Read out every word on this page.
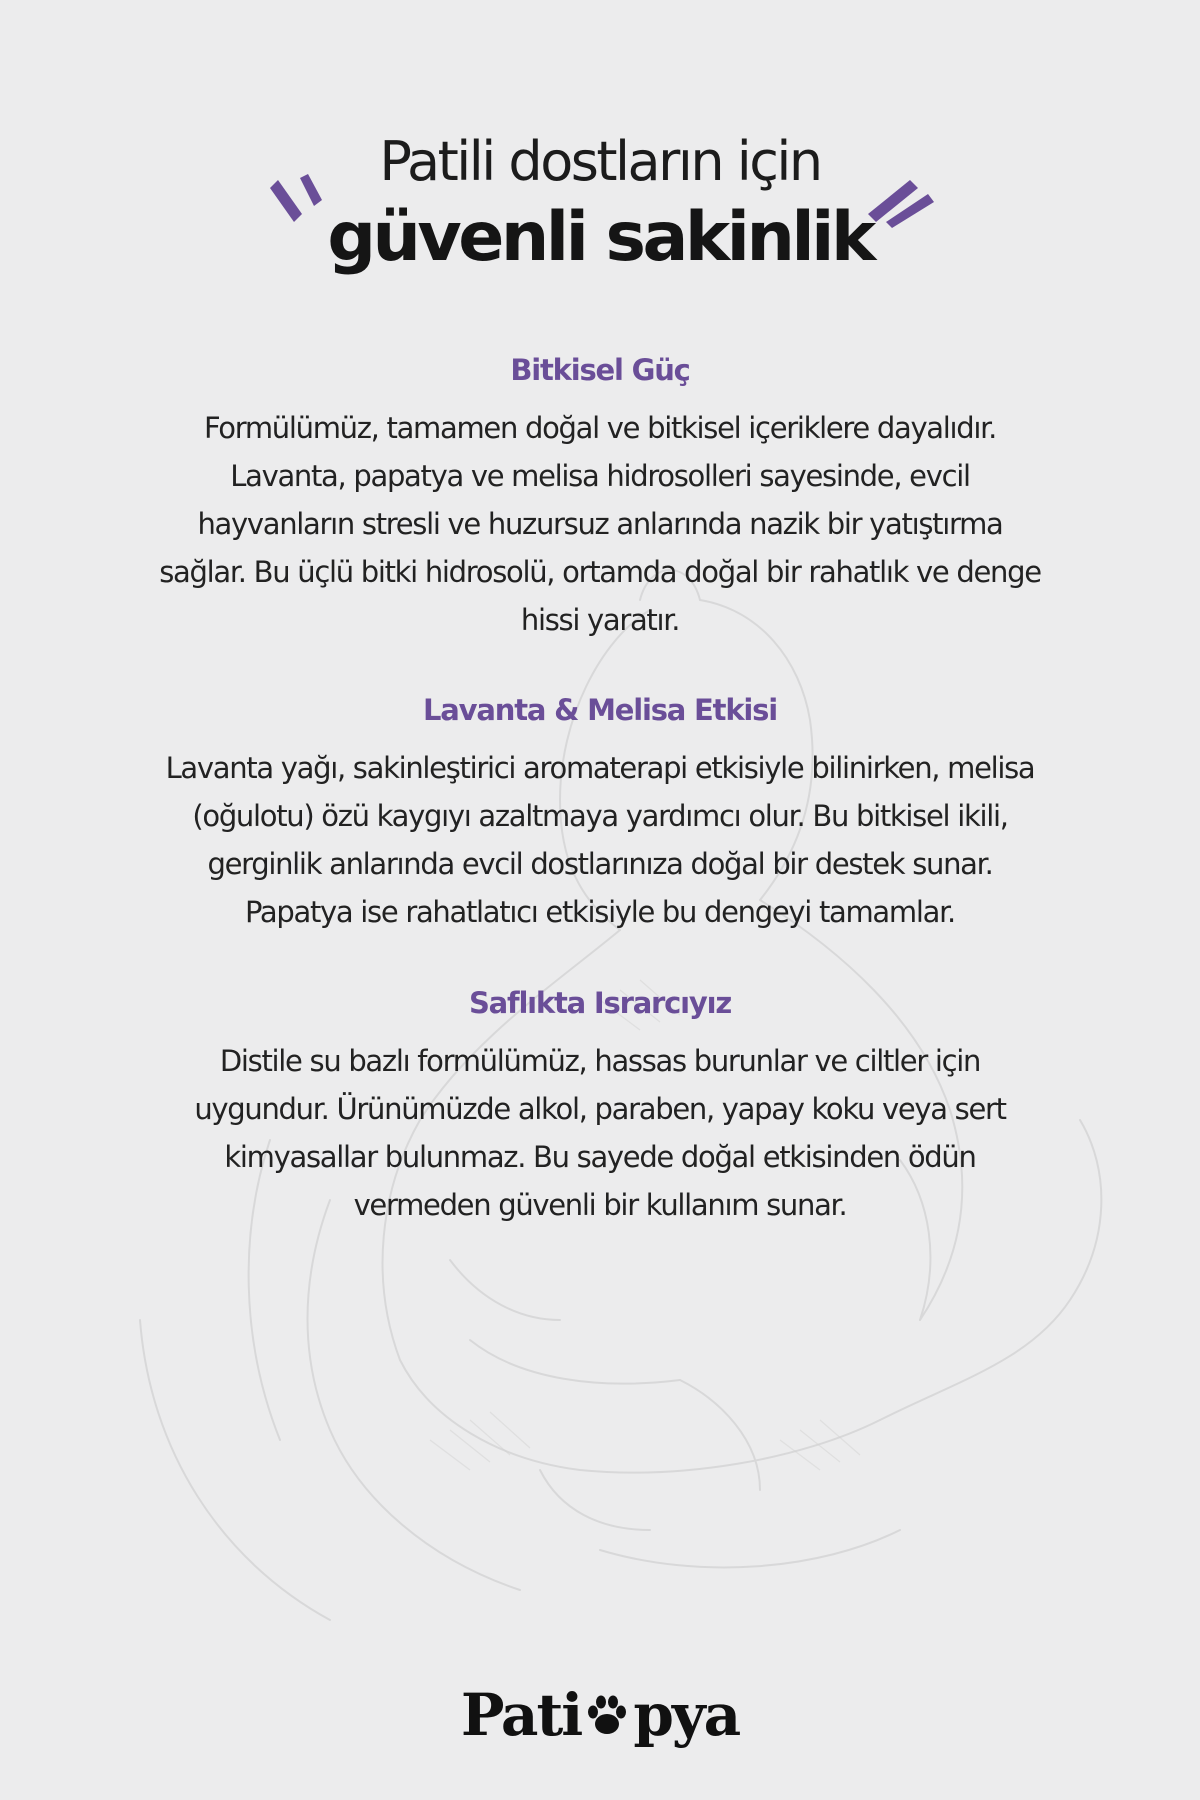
Patili dostların için
güvenli sakinlik
Bitkisel Güç
Formülümüz, tamamen doğal ve bitkisel içeriklere dayalıdır.
Lavanta, papatya ve melisa hidrosolleri sayesinde, evcil
hayvanların stresli ve huzursuz anlarında nazik bir yatıştırma
sağlar. Bu üçlü bitki hidrosolü, ortamda doğal bir rahatlık ve denge
hissi yaratır.
Lavanta & Melisa Etkisi
Lavanta yağı, sakinleştirici aromaterapi etkisiyle bilinirken, melisa
(oğulotu) özü kaygıyı azaltmaya yardımcı olur. Bu bitkisel ikili,
gerginlik anlarında evcil dostlarınıza doğal bir destek sunar.
Papatya ise rahatlatıcı etkisiyle bu dengeyi tamamlar.
Saflıkta Israrcıyız
Distile su bazlı formülümüz, hassas burunlar ve ciltler için
uygundur. Ürünümüzde alkol, paraben, yapay koku veya sert
kimyasallar bulunmaz. Bu sayede doğal etkisinden ödün
vermeden güvenli bir kullanım sunar.
Pati pya
